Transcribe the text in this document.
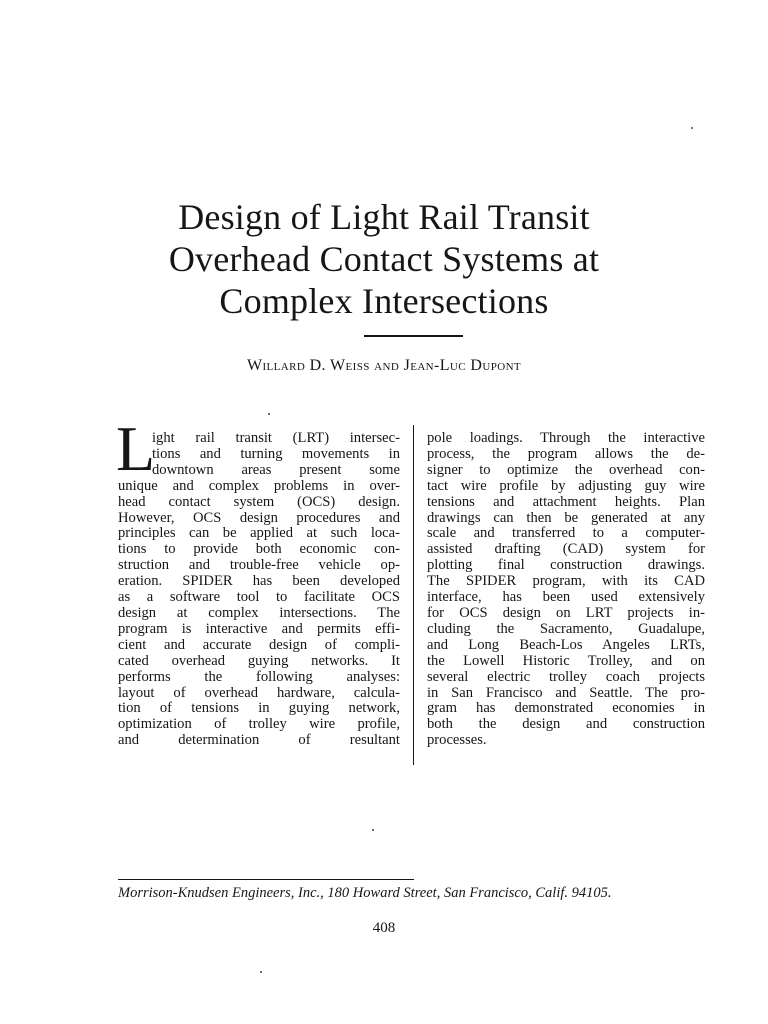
Design of Light Rail Transit
Overhead Contact Systems at
Complex Intersections
Willard D. Weiss and Jean-Luc Dupont
L
ight rail transit (LRT) intersec-
tions and turning movements in
downtown areas present some
unique and complex problems in over-
head contact system (OCS) design.
However, OCS design procedures and
principles can be applied at such loca-
tions to provide both economic con-
struction and trouble-free vehicle op-
eration. SPIDER has been developed
as a software tool to facilitate OCS
design at complex intersections. The
program is interactive and permits effi-
cient and accurate design of compli-
cated overhead guying networks. It
performs the following analyses:
layout of overhead hardware, calcula-
tion of tensions in guying network,
optimization of trolley wire profile,
and determination of resultant
pole loadings. Through the interactive
process, the program allows the de-
signer to optimize the overhead con-
tact wire profile by adjusting guy wire
tensions and attachment heights. Plan
drawings can then be generated at any
scale and transferred to a computer-
assisted drafting (CAD) system for
plotting final construction drawings.
The SPIDER program, with its CAD
interface, has been used extensively
for OCS design on LRT projects in-
cluding the Sacramento, Guadalupe,
and Long Beach-Los Angeles LRTs,
the Lowell Historic Trolley, and on
several electric trolley coach projects
in San Francisco and Seattle. The pro-
gram has demonstrated economies in
both the design and construction
processes.
Morrison-Knudsen Engineers, Inc., 180 Howard Street, San Francisco, Calif. 94105.
408
